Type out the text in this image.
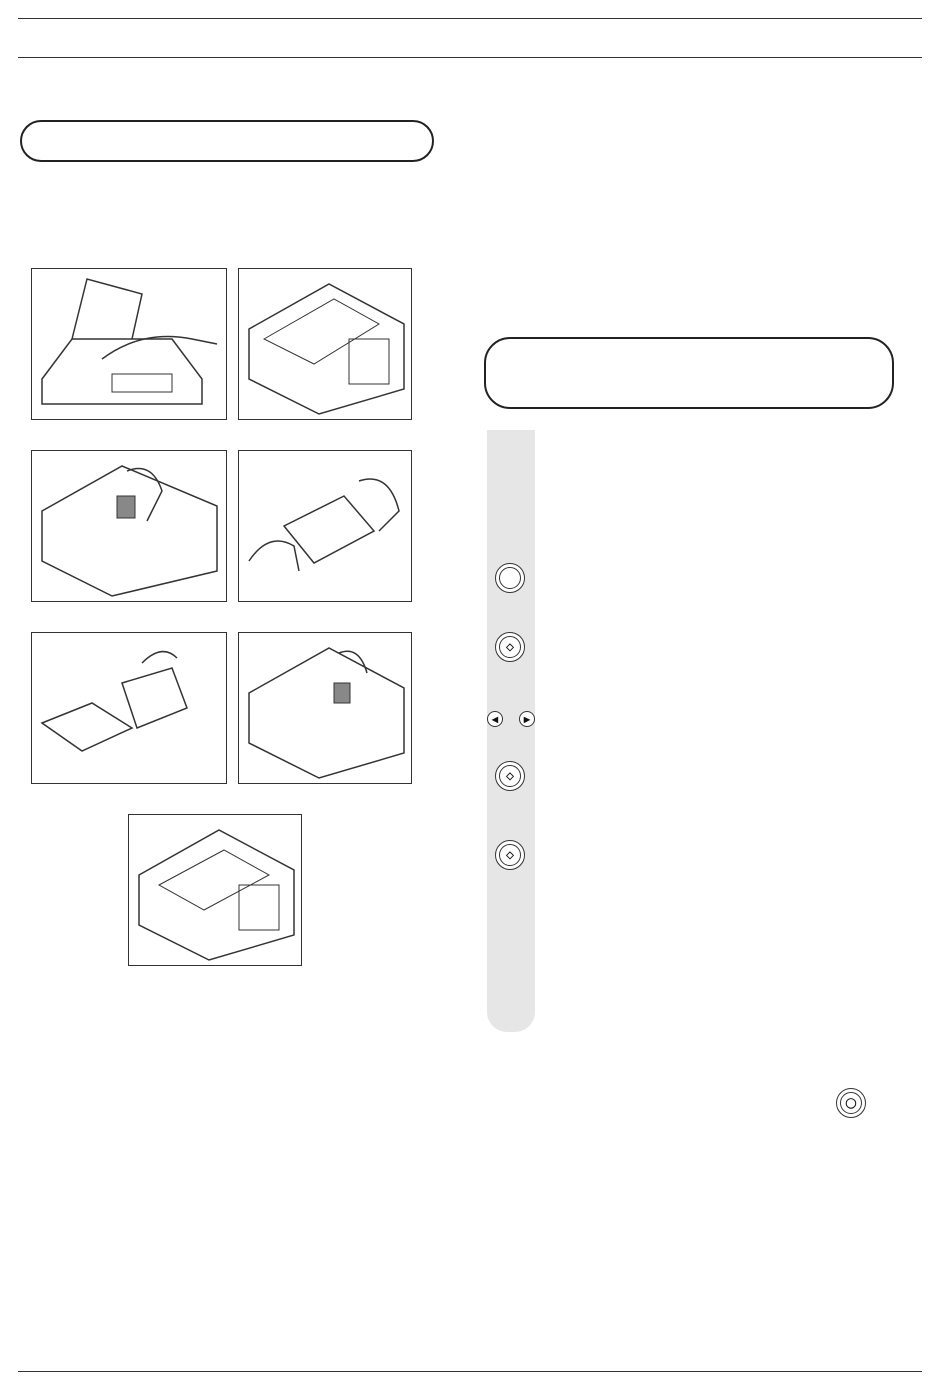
◇
◀	▶
◇
◇
◯
